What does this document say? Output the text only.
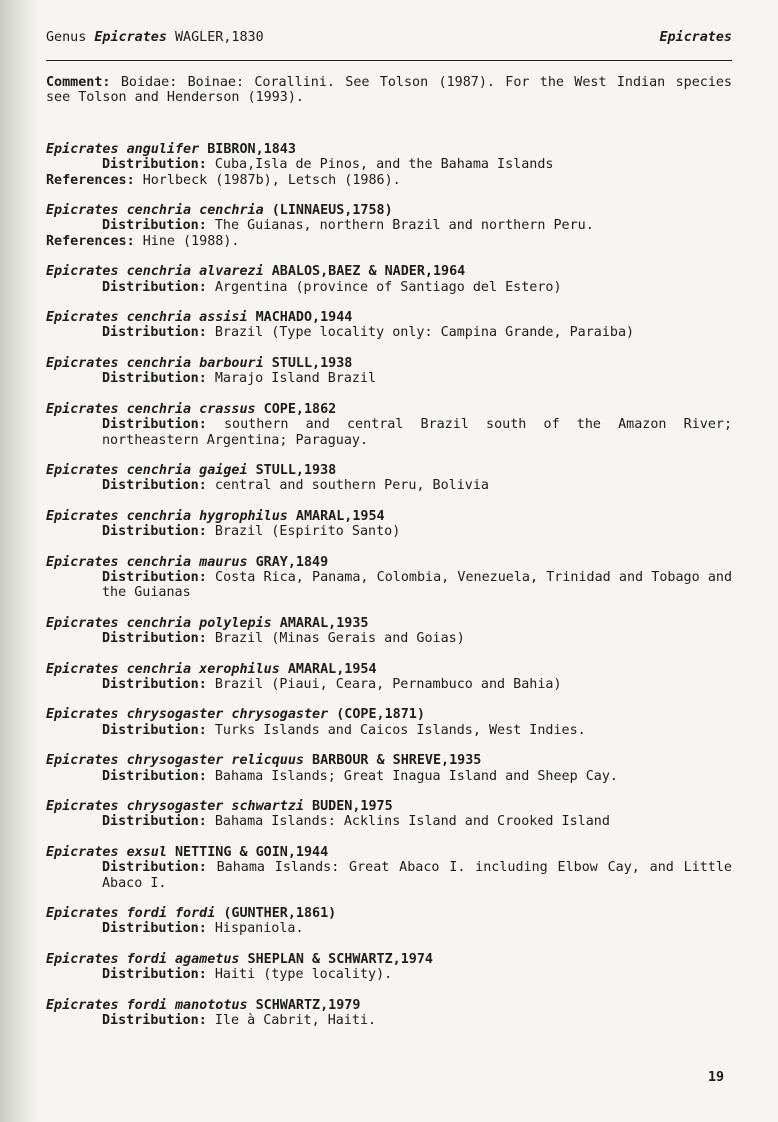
Genus Epicrates WAGLER,1830	Epicrates
Comment: Boidae: Boinae: Corallini. See Tolson (1987). For the West Indian species see Tolson and Henderson (1993).
Epicrates angulifer BIBRON,1843
Distribution: Cuba,Isla de Pinos, and the Bahama Islands
References: Horlbeck (1987b), Letsch (1986).
Epicrates cenchria cenchria (LINNAEUS,1758)
Distribution: The Guianas, northern Brazil and northern Peru.
References: Hine (1988).
Epicrates cenchria alvarezi ABALOS,BAEZ & NADER,1964
Distribution: Argentina (province of Santiago del Estero)
Epicrates cenchria assisi MACHADO,1944
Distribution: Brazil (Type locality only: Campina Grande, Paraiba)
Epicrates cenchria barbouri STULL,1938
Distribution: Marajo Island Brazil
Epicrates cenchria crassus COPE,1862
Distribution: southern and central Brazil south of the Amazon River; northeastern Argentina; Paraguay.
Epicrates cenchria gaigei STULL,1938
Distribution: central and southern Peru, Bolivia
Epicrates cenchria hygrophilus AMARAL,1954
Distribution: Brazil (Espirito Santo)
Epicrates cenchria maurus GRAY,1849
Distribution: Costa Rica, Panama, Colombia, Venezuela, Trinidad and Tobago and the Guianas
Epicrates cenchria polylepis AMARAL,1935
Distribution: Brazil (Minas Gerais and Goias)
Epicrates cenchria xerophilus AMARAL,1954
Distribution: Brazil (Piaui, Ceara, Pernambuco and Bahia)
Epicrates chrysogaster chrysogaster (COPE,1871)
Distribution: Turks Islands and Caicos Islands, West Indies.
Epicrates chrysogaster relicquus BARBOUR & SHREVE,1935
Distribution: Bahama Islands; Great Inagua Island and Sheep Cay.
Epicrates chrysogaster schwartzi BUDEN,1975
Distribution: Bahama Islands: Acklins Island and Crooked Island
Epicrates exsul NETTING & GOIN,1944
Distribution: Bahama Islands: Great Abaco I. including Elbow Cay, and Little Abaco I.
Epicrates fordi fordi (GUNTHER,1861)
Distribution: Hispaniola.
Epicrates fordi agametus SHEPLAN & SCHWARTZ,1974
Distribution: Haiti (type locality).
Epicrates fordi manototus SCHWARTZ,1979
Distribution: Ile à Cabrit, Haiti.
19
